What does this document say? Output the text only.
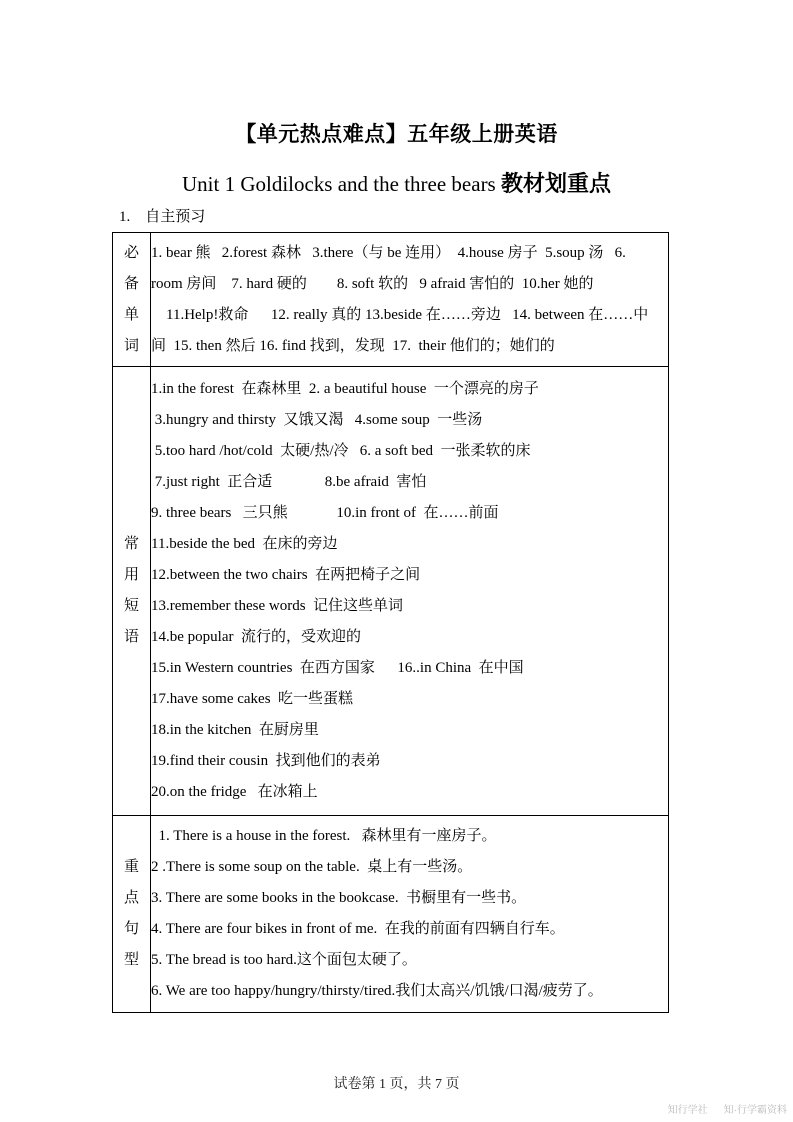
【单元热点难点】五年级上册英语
Unit 1 Goldilocks and the three bears 教材划重点
1. 自主预习
必
备
单
词

1. bear 熊   2.forest 森林   3.there（与 be 连用）  4.house 房子  5.soup 汤   6.
room 房间    7. hard 硬的        8. soft 软的   9 afraid 害怕的  10.her 她的
11.Help!救命      12. really 真的 13.beside 在……旁边   14. between 在……中
间  15. then 然后 16. find 找到，发现  17.  their 他们的；她们的

常
用
短
语

1.in the forest  在森林里  2. a beautiful house  一个漂亮的房子
3.hungry and thirsty  又饿又渴   4.some soup  一些汤
5.too hard /hot/cold  太硬/热/冷   6. a soft bed  一张柔软的床
7.just right  正合适              8.be afraid  害怕
9. three bears   三只熊             10.in front of  在……前面
11.beside the bed  在床的旁边
12.between the two chairs  在两把椅子之间
13.remember these words  记住这些单词
14.be popular  流行的，受欢迎的
15.in Western countries  在西方国家      16..in China  在中国
17.have some cakes  吃一些蛋糕
18.in the kitchen  在厨房里
19.find their cousin  找到他们的表弟
20.on the fridge   在冰箱上

重
点
句
型

1. There is a house in the forest.   森林里有一座房子。
2 .There is some soup on the table.  桌上有一些汤。
3. There are some books in the bookcase.  书橱里有一些书。
4. There are four bikes in front of me.  在我的前面有四辆自行车。
5. The bread is too hard.这个面包太硬了。
6. We are too happy/hungry/thirsty/tired.我们太高兴/饥饿/口渴/疲劳了。
试卷第 1 页，共 7 页
知行学社 知·行学霸资料
